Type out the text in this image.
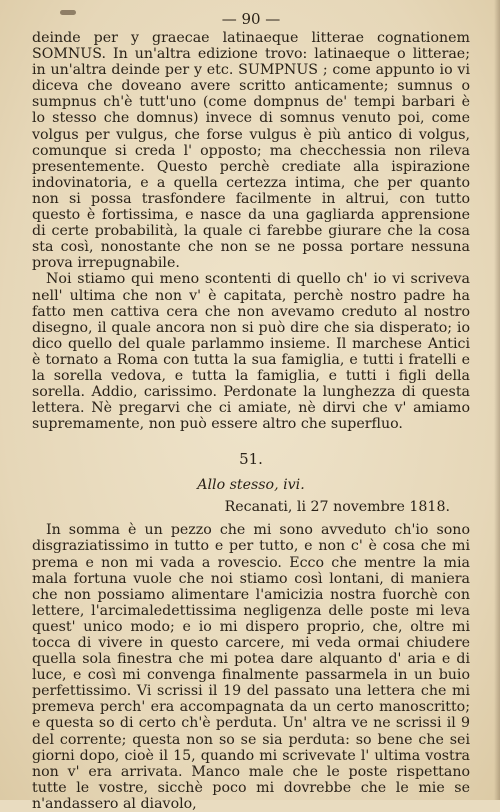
— 90 —

deinde per y graecae latinaeque litterae cognationem SOMNUS. In un'altra edizione trovo: latinaeque o litterae; in un'altra deinde per y etc. SUMPNUS ; come appunto io vi diceva che doveano avere scritto anticamente; sumnus o sumpnus ch'è tutt'uno (come dompnus de' tempi barbari è lo stesso che domnus) invece di somnus venuto poi, come volgus per vulgus, che forse vulgus è più antico di volgus, comunque si creda l' opposto; ma checchessia non rileva presentemente. Questo perchè crediate alla ispirazione indovinatoria, e a quella certezza intima, che per quanto non si possa trasfondere facilmente in altrui, con tutto questo è fortissima, e nasce da una gagliarda apprensione di certe probabilità, la quale ci farebbe giurare che la cosa sta così, nonostante che non se ne possa portare nessuna prova irrepugnabile.

Noi stiamo qui meno scontenti di quello ch' io vi scriveva nell' ultima che non v' è capitata, perchè nostro padre ha fatto men cattiva cera che non avevamo creduto al nostro disegno, il quale ancora non si può dire che sia disperato; io dico quello del quale parlammo insieme. Il marchese Antici è tornato a Roma con tutta la sua famiglia, e tutti i fratelli e la sorella vedova, e tutta la famiglia, e tutti i figli della sorella. Addio, carissimo. Perdonate la lunghezza di questa lettera. Nè pregarvi che ci amiate, nè dirvi che v' amiamo supremamente, non può essere altro che superfluo.

51.
Allo stesso, ivi.
Recanati, li 27 novembre 1818.

In somma è un pezzo che mi sono avveduto ch'io sono disgraziatissimo in tutto e per tutto, e non c' è cosa che mi prema e non mi vada a rovescio. Ecco che mentre la mia mala fortuna vuole che noi stiamo così lontani, di maniera che non possiamo alimentare l'amicizia nostra fuorchè con lettere, l'arcimaledettissima negligenza delle poste mi leva quest' unico modo; e io mi dispero proprio, che, oltre mi tocca di vivere in questo carcere, mi veda ormai chiudere quella sola finestra che mi potea dare alquanto d' aria e di luce, e così mi convenga finalmente passarmela in un buio perfettissimo. Vi scrissi il 19 del passato una lettera che mi premeva perch' era accompagnata da un certo manoscritto; e questa so di certo ch'è perduta. Un' altra ve ne scrissi il 9 del corrente; questa non so se sia perduta: so bene che sei giorni dopo, cioè il 15, quando mi scrivevate l' ultima vostra non v' era arrivata. Manco male che le poste rispettano tutte le vostre, sicchè poco mi dovrebbe che le mie se n'andassero al diavolo,
